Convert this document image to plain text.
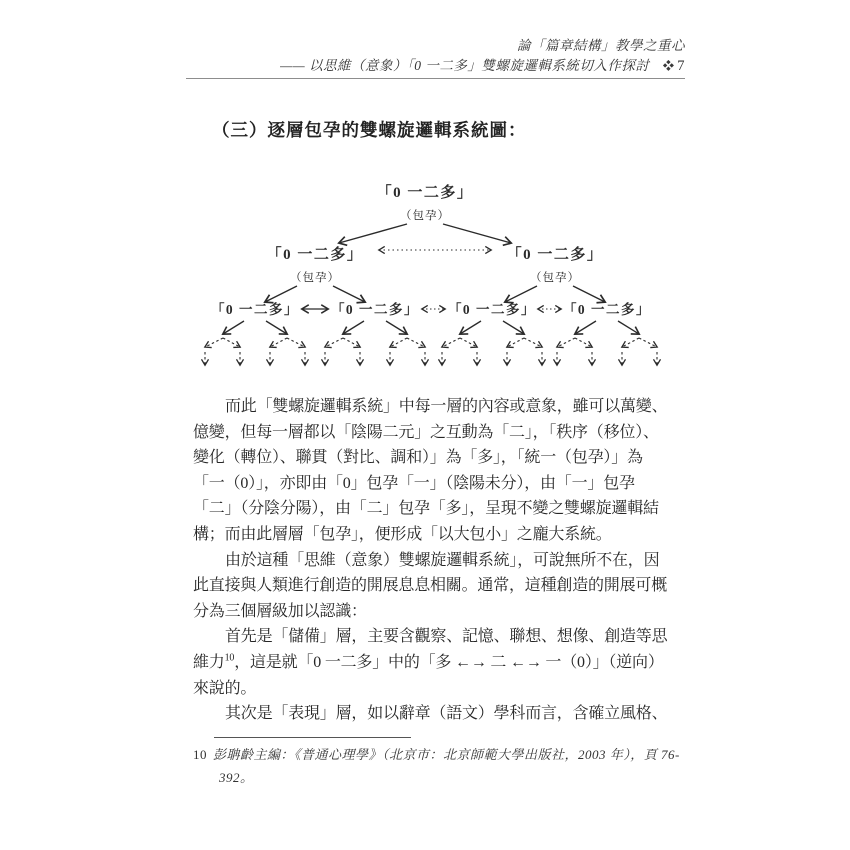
論「篇章結構」教學之重心
—— 以思維（意象）「0 一二多」雙螺旋邏輯系統切入作探討 7
（三）逐層包孕的雙螺旋邏輯系統圖：
「0 一二多」
（包孕）
「0 一二多」	「0 一二多」
（包孕）	（包孕）
「0 一二多」 「0 一二多」 「0 一二多」 「0 一二多」
而此「雙螺旋邏輯系統」中每一層的內容或意象，雖可以萬變、
億變，但每一層都以「陰陽二元」之互動為「二」，「秩序（移位）、
變化（轉位）、聯貫（對比、調和）」為「多」，「統一（包孕）」為
「一（0）」，亦即由「0」包孕「一」（陰陽未分），由「一」包孕
「二」（分陰分陽），由「二」包孕「多」，呈現不變之雙螺旋邏輯結
構；而由此層層「包孕」，便形成「以大包小」之龐大系統。
由於這種「思維（意象）雙螺旋邏輯系統」，可說無所不在，因
此直接與人類進行創造的開展息息相關。通常，這種創造的開展可概
分為三個層級加以認識：
首先是「儲備」層，主要含觀察、記憶、聯想、想像、創造等思
維力$^{10}$，這是就「0 一二多」中的「多 ←→ 二 ←→ 一（0）」（逆向）
來說的。
其次是「表現」層，如以辭章（語文）學科而言，含確立風格、
10 彭聃齡主編：《普通心理學》（北京市：北京師範大學出版社，2003 年），頁 76-
392。
